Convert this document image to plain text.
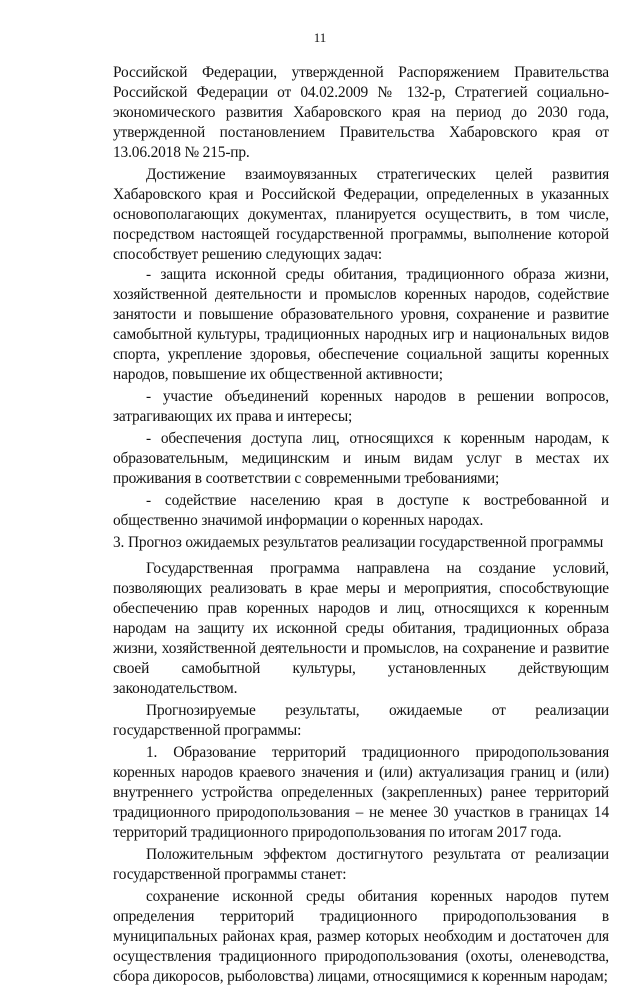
11

Российской Федерации, утвержденной Распоряжением Правительства Российской Федерации от 04.02.2009 № 132-р, Стратегией социально-экономического развития Хабаровского края на период до 2030 года, утвержденной постановлением Правительства Хабаровского края от 13.06.2018 № 215-пр.

Достижение взаимоувязанных стратегических целей развития Хабаровского края и Российской Федерации, определенных в указанных основополагающих документах, планируется осуществить, в том числе, посредством настоящей государственной программы, выполнение которой способствует решению следующих задач:

- защита исконной среды обитания, традиционного образа жизни, хозяйственной деятельности и промыслов коренных народов, содействие занятости и повышение образовательного уровня, сохранение и развитие самобытной культуры, традиционных народных игр и национальных видов спорта, укрепление здоровья, обеспечение социальной защиты коренных народов, повышение их общественной активности;

- участие объединений коренных народов в решении вопросов, затрагивающих их права и интересы;

- обеспечения доступа лиц, относящихся к коренным народам, к образовательным, медицинским и иным видам услуг в местах их проживания в соответствии с современными требованиями;

- содействие населению края в доступе к востребованной и общественно значимой информации о коренных народах.

3. Прогноз ожидаемых результатов реализации государственной программы

Государственная программа направлена на создание условий, позволяющих реализовать в крае меры и мероприятия, способствующие обеспечению прав коренных народов и лиц, относящихся к коренным народам на защиту их исконной среды обитания, традиционных образа жизни, хозяйственной деятельности и промыслов, на сохранение и развитие своей самобытной культуры, установленных действующим законодательством.

Прогнозируемые результаты, ожидаемые от реализации государственной программы:

1. Образование территорий традиционного природопользования коренных народов краевого значения и (или) актуализация границ и (или) внутреннего устройства определенных (закрепленных) ранее территорий традиционного природопользования – не менее 30 участков в границах 14 территорий традиционного природопользования по итогам 2017 года.

Положительным эффектом достигнутого результата от реализации государственной программы станет:

сохранение исконной среды обитания коренных народов путем определения территорий традиционного природопользования в муниципальных районах края, размер которых необходим и достаточен для осуществления традиционного природопользования (охоты, оленеводства, сбора дикоросов, рыболовства) лицами, относящимися к коренным народам;
